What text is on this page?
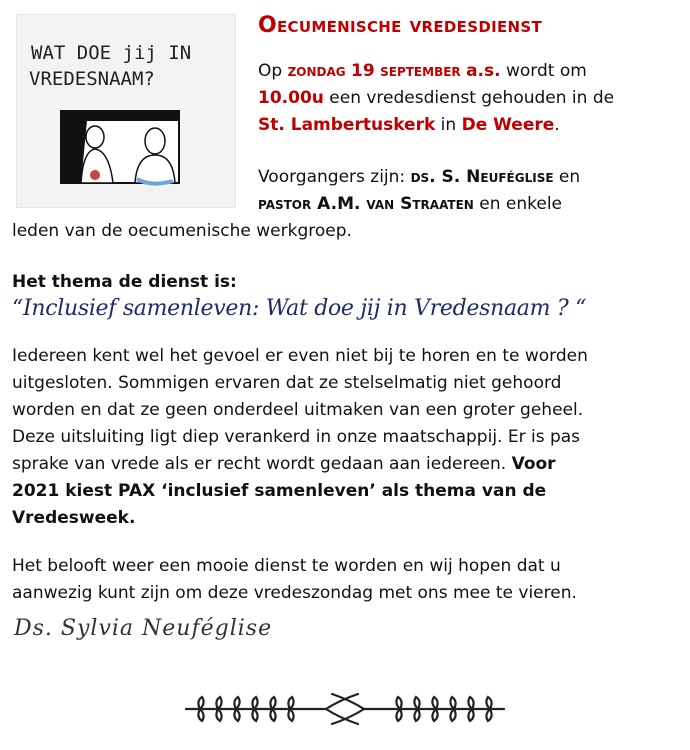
WAT DOE jij IN
VREDESNAAM?
Oecumenische vredesdienst

Op zondag 19 september a.s. wordt om
10.00u een vredesdienst gehouden in de
St. Lambertuskerk in De Weere.

Voorgangers zijn: ds. S. Neuféglise en
pastor A.M. van Straaten en enkele
leden van de oecumenische werkgroep.

Het thema de dienst is:

“Inclusief samenleven: Wat doe jij in Vredesnaam ? “

Iedereen kent wel het gevoel er even niet bij te horen en te worden
uitgesloten. Sommigen ervaren dat ze stelselmatig niet gehoord
worden en dat ze geen onderdeel uitmaken van een groter geheel.
Deze uitsluiting ligt diep verankerd in onze maatschappij. Er is pas
sprake van vrede als er recht wordt gedaan aan iedereen. Voor
2021 kiest PAX ‘inclusief samenleven’ als thema van de
Vredesweek.

Het belooft weer een mooie dienst te worden en wij hopen dat u
aanwezig kunt zijn om deze vredeszondag met ons mee te vieren.

Ds. Sylvia Neuféglise
